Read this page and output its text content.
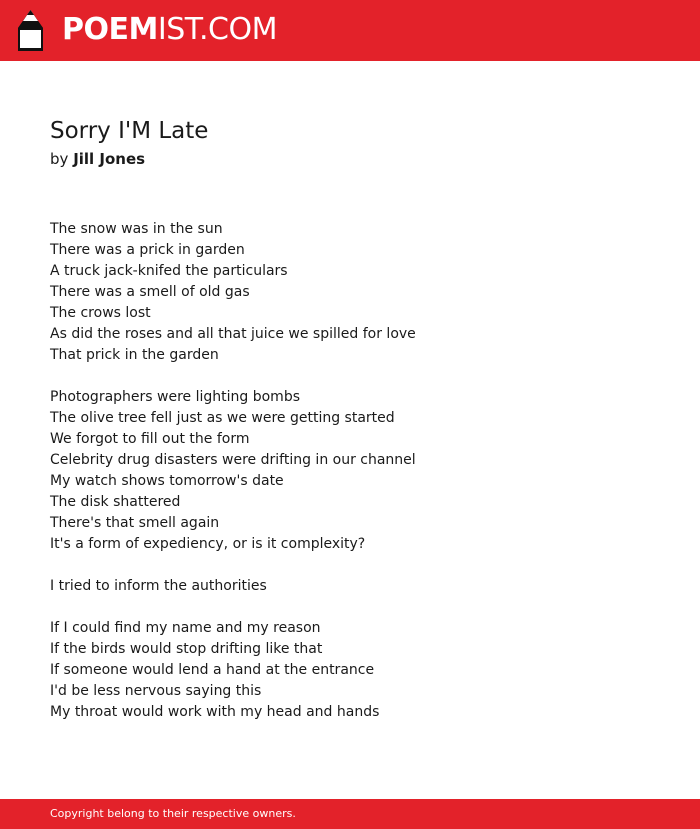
POEMIST.COM
Sorry I'M Late
by Jill Jones
The snow was in the sun
There was a prick in garden
A truck jack-knifed the particulars
There was a smell of old gas
The crows lost
As did the roses and all that juice we spilled for love
That prick in the garden
Photographers were lighting bombs
The olive tree fell just as we were getting started
We forgot to fill out the form
Celebrity drug disasters were drifting in our channel
My watch shows tomorrow's date
The disk shattered
There's that smell again
It's a form of expediency, or is it complexity?
I tried to inform the authorities
If I could find my name and my reason
If the birds would stop drifting like that
If someone would lend a hand at the entrance
I'd be less nervous saying this
My throat would work with my head and hands
Copyright belong to their respective owners.
